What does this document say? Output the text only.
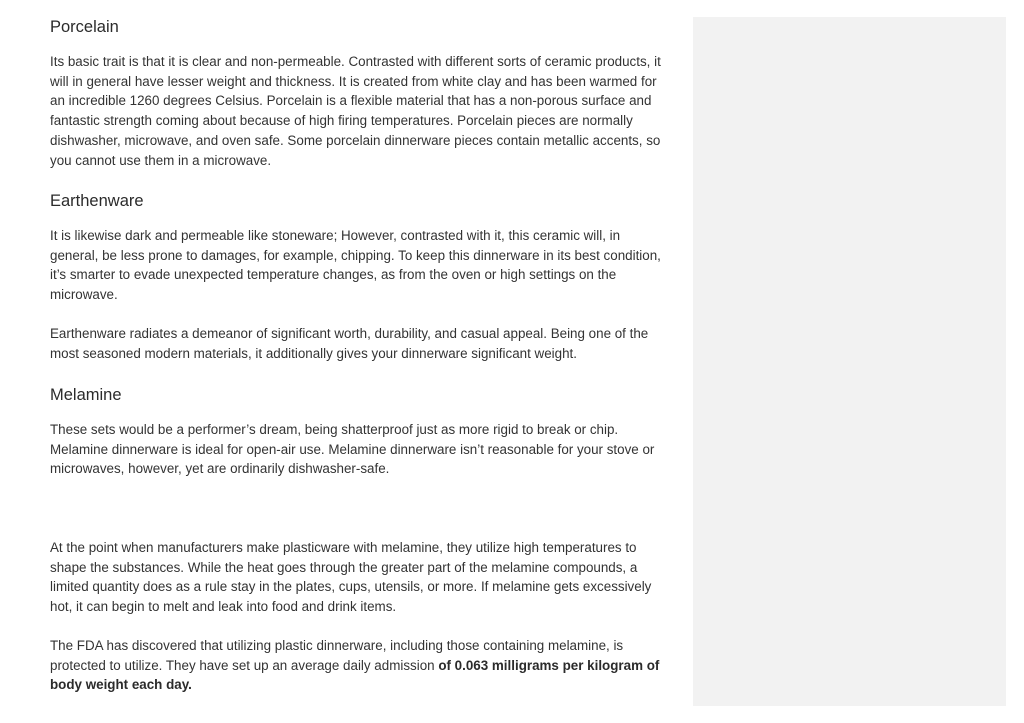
Porcelain

Its basic trait is that it is clear and non-permeable. Contrasted with different sorts of ceramic products, it will in general have lesser weight and thickness. It is created from white clay and has been warmed for an incredible 1260 degrees Celsius. Porcelain is a flexible material that has a non-porous surface and fantastic strength coming about because of high firing temperatures. Porcelain pieces are normally dishwasher, microwave, and oven safe. Some porcelain dinnerware pieces contain metallic accents, so you cannot use them in a microwave.

Earthenware

It is likewise dark and permeable like stoneware; However, contrasted with it, this ceramic will, in general, be less prone to damages, for example, chipping. To keep this dinnerware in its best condition, it’s smarter to evade unexpected temperature changes, as from the oven or high settings on the microwave.

Earthenware radiates a demeanor of significant worth, durability, and casual appeal. Being one of the most seasoned modern materials, it additionally gives your dinnerware significant weight.

Melamine

These sets would be a performer’s dream, being shatterproof just as more rigid to break or chip. Melamine dinnerware is ideal for open-air use. Melamine dinnerware isn’t reasonable for your stove or microwaves, however, yet are ordinarily dishwasher-safe.

At the point when manufacturers make plasticware with melamine, they utilize high temperatures to shape the substances. While the heat goes through the greater part of the melamine compounds, a limited quantity does as a rule stay in the plates, cups, utensils, or more. If melamine gets excessively hot, it can begin to melt and leak into food and drink items.

The FDA has discovered that utilizing plastic dinnerware, including those containing melamine, is protected to utilize. They have set up an average daily admission of 0.063 milligrams per kilogram of body weight each day.
